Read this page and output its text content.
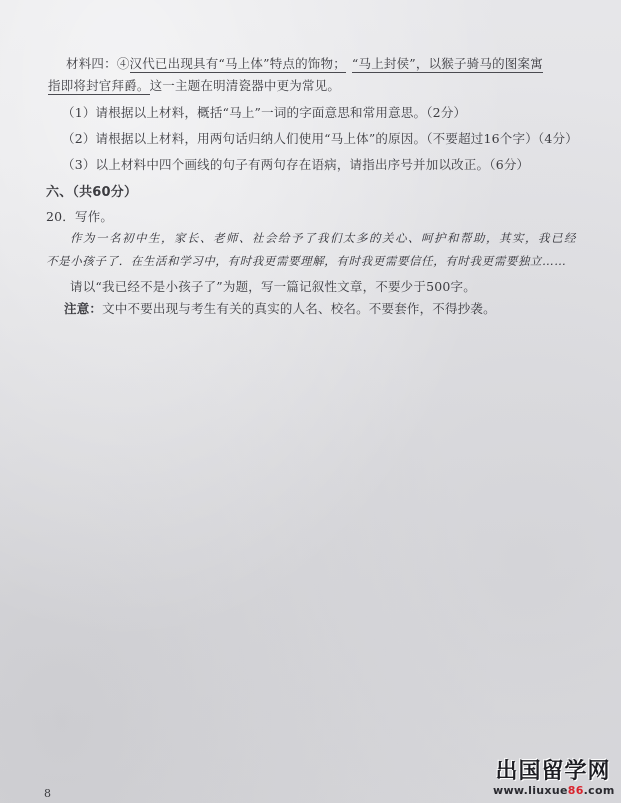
材料四：④汉代已出现具有“马上体”特点的饰物； “马上封侯”，以猴子骑马的图案寓
指即将封官拜爵。这一主题在明清瓷器中更为常见。
（1）请根据以上材料，概括“马上”一词的字面意思和常用意思。（2分）
（2）请根据以上材料，用两句话归纳人们使用“马上体”的原因。（不要超过16个字）（4分）
（3）以上材料中四个画线的句子有两句存在语病，请指出序号并加以改正。（6分）
六、（共60分）
20．写作。
作为一名初中生，家长、老师、社会给予了我们太多的关心、呵护和帮助，其实，我已经
不是小孩子了．在生活和学习中，有时我更需要理解，有时我更需要信任，有时我更需要独立……
请以“我已经不是小孩子了”为题，写一篇记叙性文章，不要少于500字。
注意：文中不要出现与考生有关的真实的人名、校名。不要套作，不得抄袭。
8
出国留学网
www.liuxue86.com
